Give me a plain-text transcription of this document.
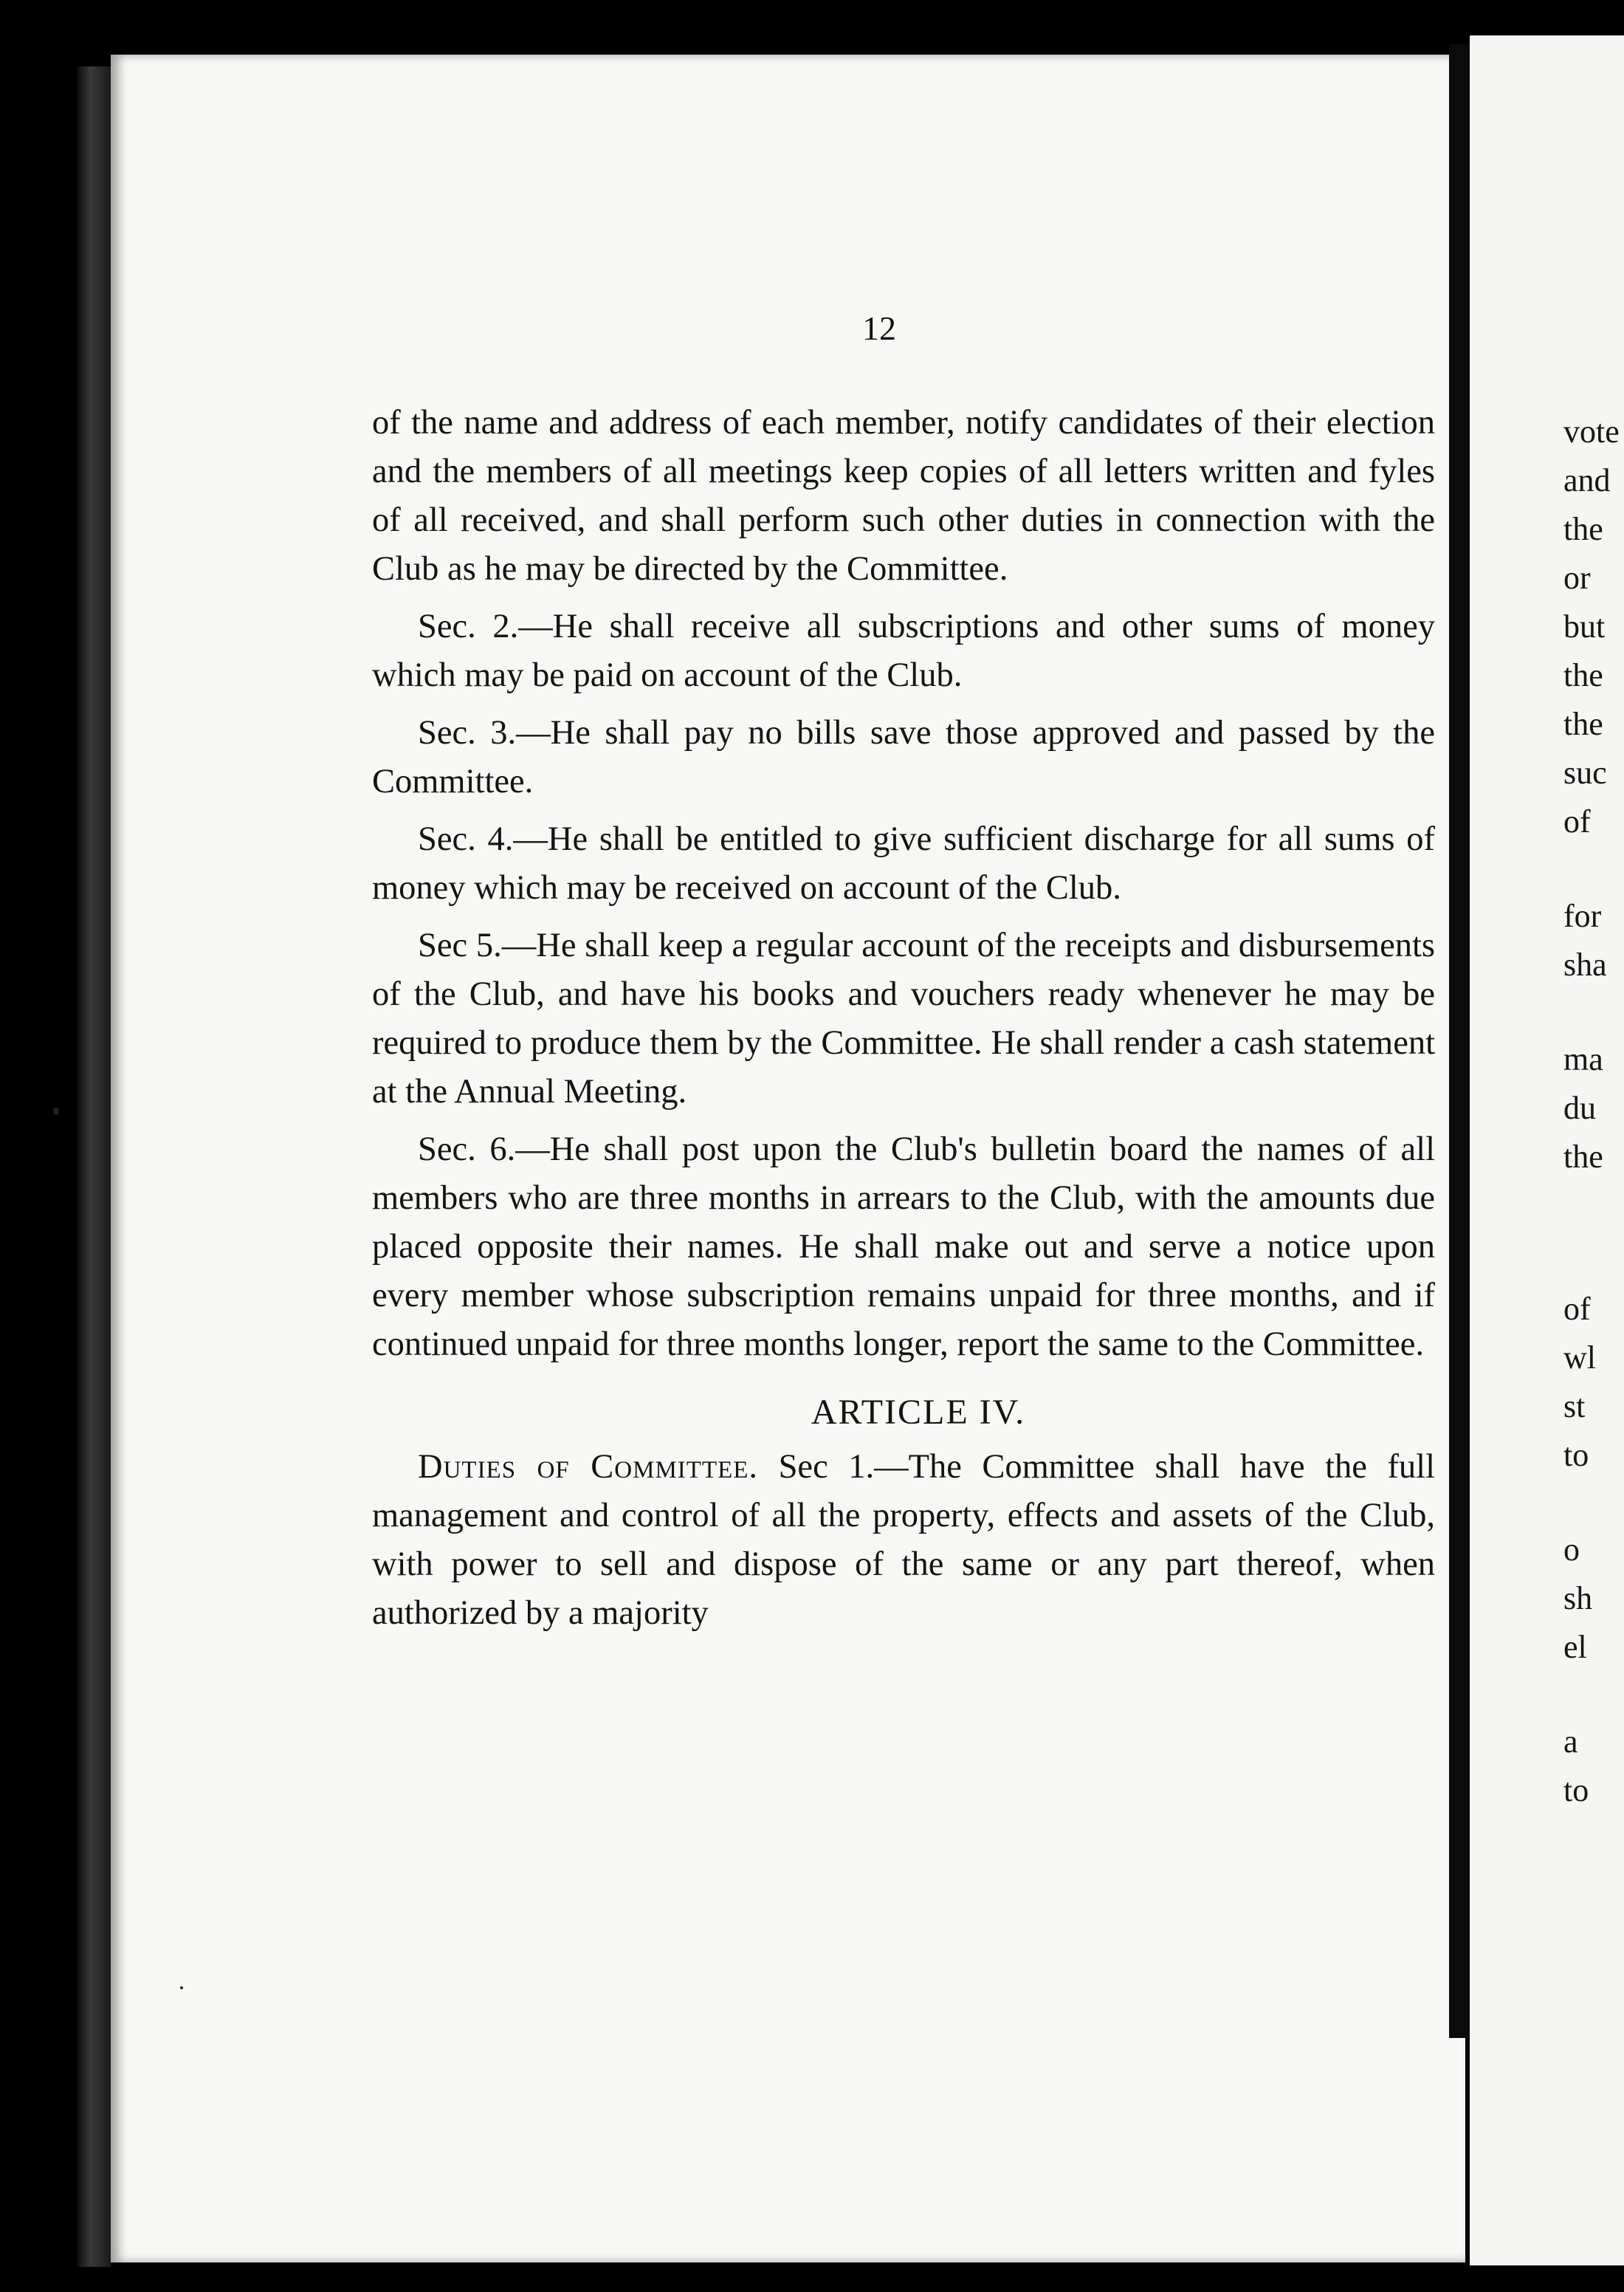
12

of the name and address of each member, notify candidates of their election and the members of all meetings keep copies of all letters written and fyles of all received, and shall perform such other duties in connection with the Club as he may be directed by the Committee.

Sec. 2.—He shall receive all subscriptions and other sums of money which may be paid on account of the Club.

Sec. 3.—He shall pay no bills save those approved and passed by the Committee.

Sec. 4.—He shall be entitled to give sufficient discharge for all sums of money which may be received on account of the Club.

Sec 5.—He shall keep a regular account of the receipts and disbursements of the Club, and have his books and vouchers ready whenever he may be required to produce them by the Committee. He shall render a cash statement at the Annual Meeting.

Sec. 6.—He shall post upon the Club's bulletin board the names of all members who are three months in arrears to the Club, with the amounts due placed opposite their names. He shall make out and serve a notice upon every member whose subscription remains unpaid for three months, and if continued unpaid for three months longer, report the same to the Committee.

ARTICLE IV.

Duties of Committee. Sec 1.—The Committee shall have the full management and control of all the property, effects and assets of the Club, with power to sell and dispose of the same or any part thereof, when authorized by a majority

vote
and
the
or
but
the
the
suc
of
for
sha
ma
du
the
of
wl
st
to
o
sh
el
a
to
